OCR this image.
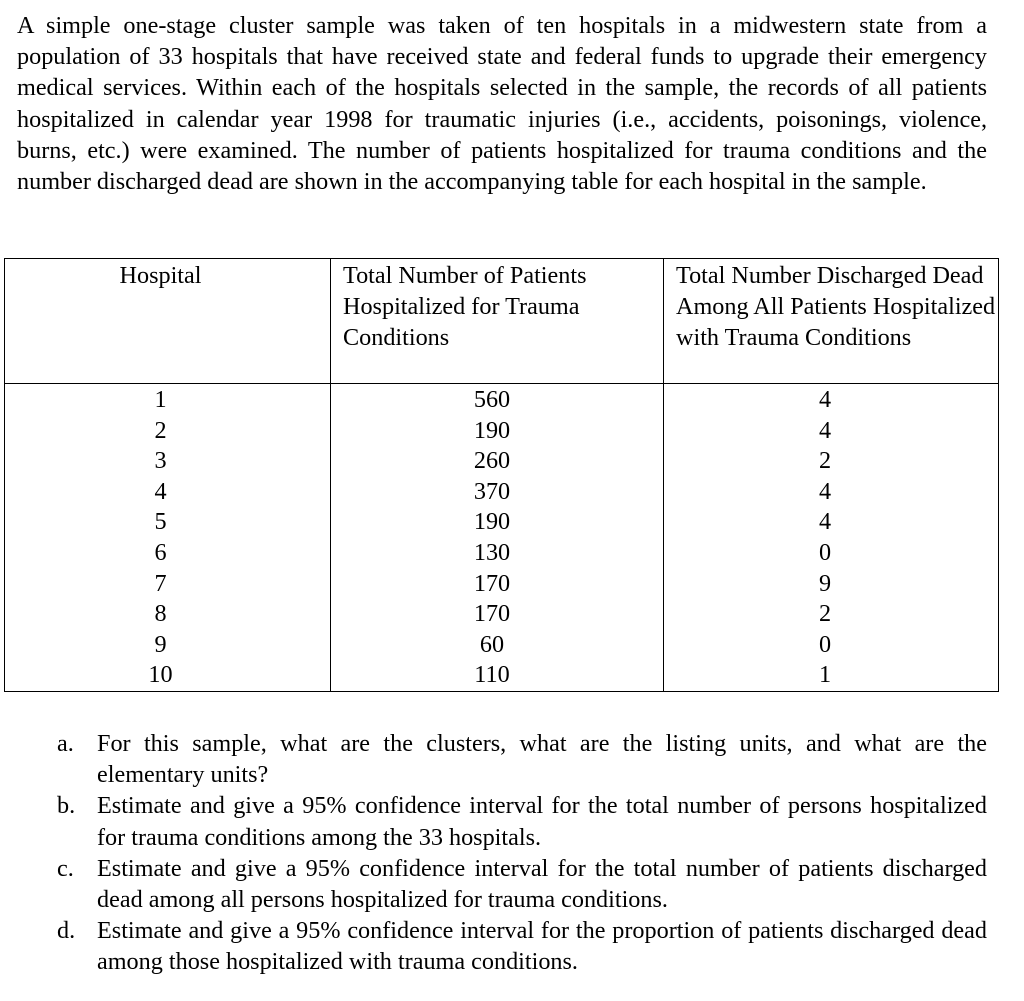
A simple one-stage cluster sample was taken of ten hospitals in a midwestern state from a population of 33 hospitals that have received state and federal funds to upgrade their emergency medical services. Within each of the hospitals selected in the sample, the records of all patients hospitalized in calendar year 1998 for traumatic injuries (i.e., accidents, poisonings, violence, burns, etc.) were examined. The number of patients hospitalized for trauma conditions and the number discharged dead are shown in the accompanying table for each hospital in the sample.

Hospital	Total Number of Patients Hospitalized for Trauma Conditions	Total Number Discharged Dead Among All Patients Hospitalized with Trauma Conditions
1	560	4
2	190	4
3	260	2
4	370	4
5	190	4
6	130	0
7	170	9
8	170	2
9	60	0
10	110	1
a. For this sample, what are the clusters, what are the listing units, and what are the elementary units?
b. Estimate and give a 95% confidence interval for the total number of persons hospitalized for trauma conditions among the 33 hospitals.
c. Estimate and give a 95% confidence interval for the total number of patients discharged dead among all persons hospitalized for trauma conditions.
d. Estimate and give a 95% confidence interval for the proportion of patients discharged dead among those hospitalized with trauma conditions.
